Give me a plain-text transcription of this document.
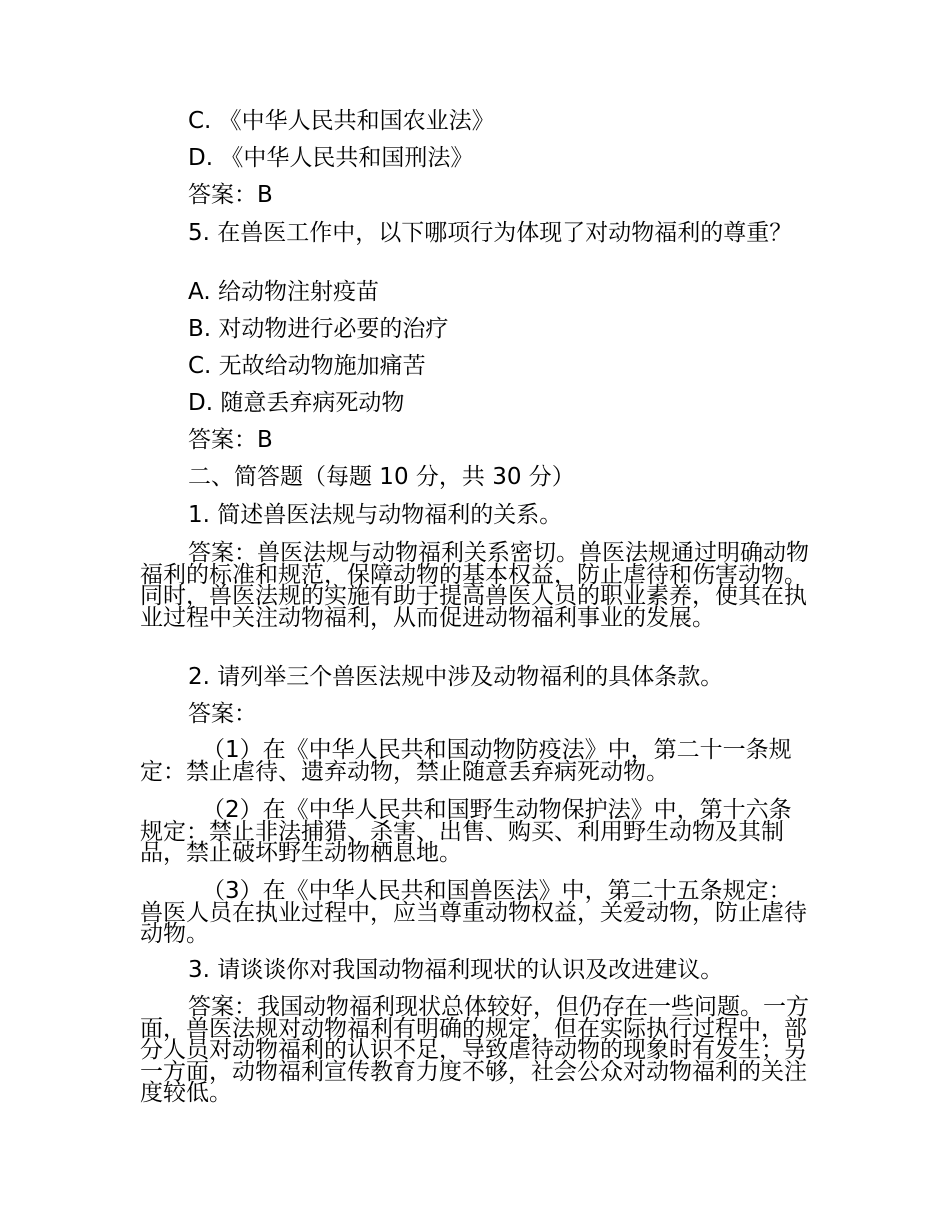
C. 《中华人民共和国农业法》
D. 《中华人民共和国刑法》
答案：B
5. 在兽医工作中，以下哪项行为体现了对动物福利的尊重？
A. 给动物注射疫苗
B. 对动物进行必要的治疗
C. 无故给动物施加痛苦
D. 随意丢弃病死动物
答案：B
二、简答题（每题 10 分，共 30 分）
1. 简述兽医法规与动物福利的关系。
答案：兽医法规与动物福利关系密切。兽医法规通过明确动物福利的标准和规范，保障动物的基本权益，防止虐待和伤害动物。同时，兽医法规的实施有助于提高兽医人员的职业素养，使其在执业过程中关注动物福利，从而促进动物福利事业的发展。
2. 请列举三个兽医法规中涉及动物福利的具体条款。
答案：
（1）在《中华人民共和国动物防疫法》中，第二十一条规定：禁止虐待、遗弃动物，禁止随意丢弃病死动物。
（2）在《中华人民共和国野生动物保护法》中，第十六条规定：禁止非法捕猎、杀害、出售、购买、利用野生动物及其制品，禁止破坏野生动物栖息地。
（3）在《中华人民共和国兽医法》中，第二十五条规定：兽医人员在执业过程中，应当尊重动物权益，关爱动物，防止虐待动物。
3. 请谈谈你对我国动物福利现状的认识及改进建议。
答案：我国动物福利现状总体较好，但仍存在一些问题。一方面，兽医法规对动物福利有明确的规定，但在实际执行过程中，部分人员对动物福利的认识不足，导致虐待动物的现象时有发生；另一方面，动物福利宣传教育力度不够，社会公众对动物福利的关注度较低。
